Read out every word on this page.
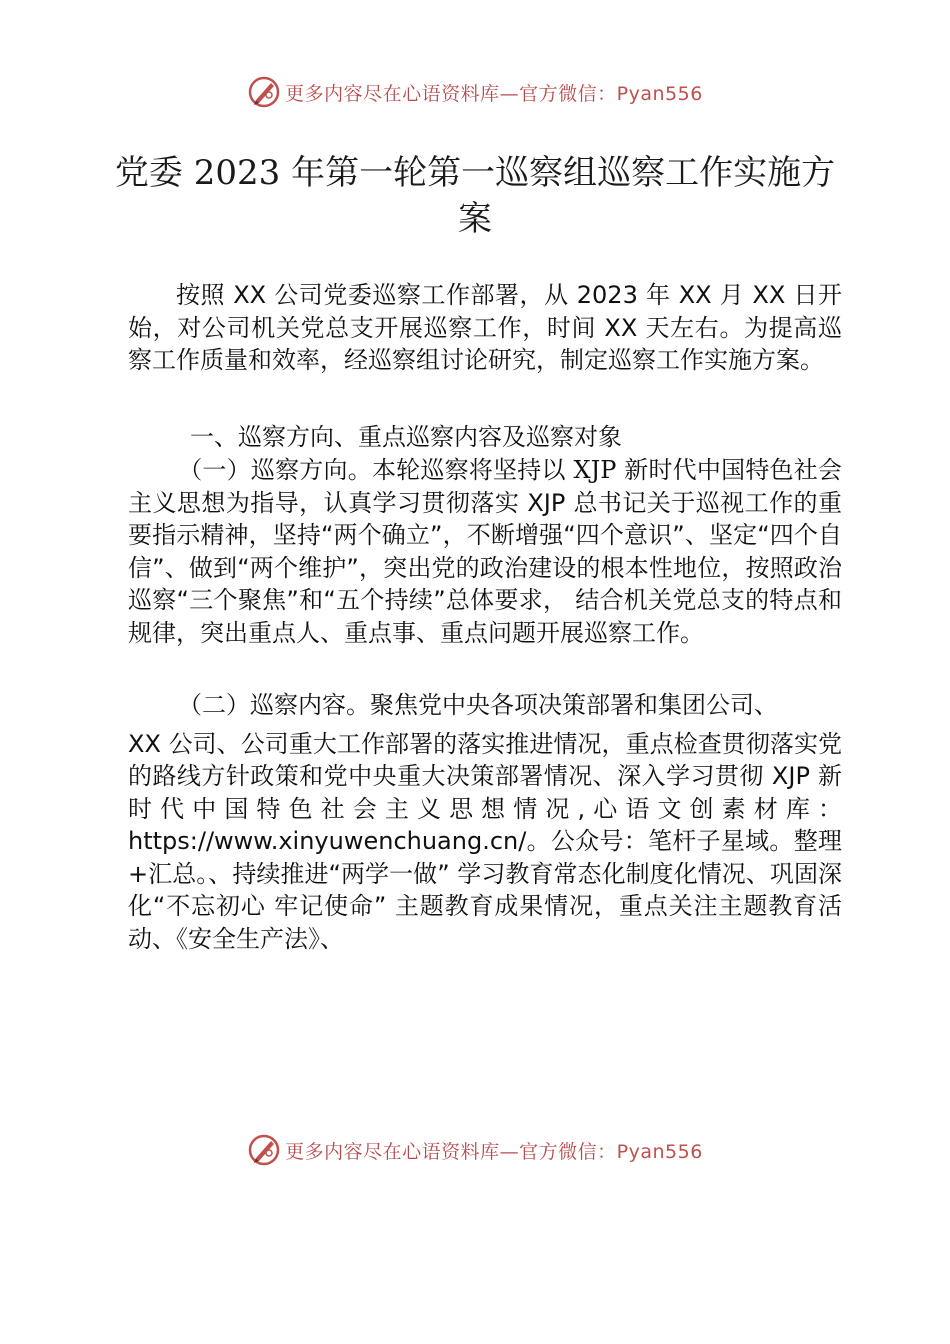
更多内容尽在心语资料库—官方微信：Pyan556
党委 2023 年第一轮第一巡察组巡察工作实施方案
按照 XX 公司党委巡察工作部署，从 2023 年 XX 月 XX 日开始，对公司机关党总支开展巡察工作，时间 XX 天左右。为提高巡察工作质量和效率，经巡察组讨论研究，制定巡察工作实施方案。
一、巡察方向、重点巡察内容及巡察对象
（一）巡察方向。本轮巡察将坚持以 XJP 新时代中国特色社会主义思想为指导，认真学习贯彻落实 XJP 总书记关于巡视工作的重要指示精神，坚持“两个确立”，不断增强“四个意识”、坚定“四个自信”、做到“两个维护”，突出党的政治建设的根本性地位，按照政治巡察“三个聚焦”和“五个持续”总体要求， 结合机关党总支的特点和规律，突出重点人、重点事、重点问题开展巡察工作。
（二）巡察内容。聚焦党中央各项决策部署和集团公司、
XX 公司、公司重大工作部署的落实推进情况，重点检查贯彻落实党的路线方针政策和党中央重大决策部署情况、深入学习贯彻 XJP 新时代中国特色社会主义思想情况,心语文创素材库：https://www.xinyuwenchuang.cn/。公众号：笔杆子星域。整理+汇总。、持续推进“两学一做” 学习教育常态化制度化情况、巩固深化“不忘初心 牢记使命” 主题教育成果情况，重点关注主题教育活动、《安全生产法》、
更多内容尽在心语资料库—官方微信：Pyan556
